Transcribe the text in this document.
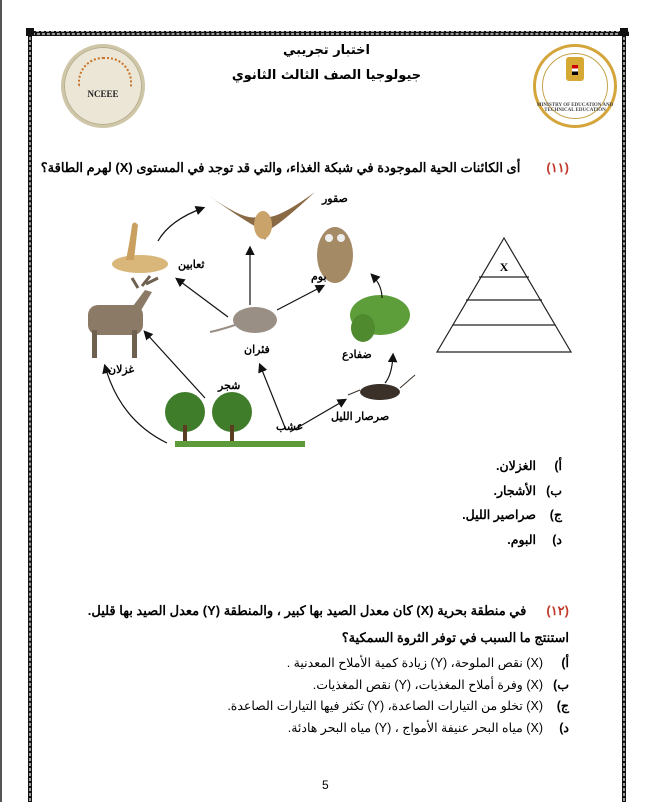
NCEEE
MINISTRY OF EDUCATION AND TECHNICAL EDUCATION
اختبار تجريبي
جيولوجيا الصف الثالث الثانوي
(١١)أى الكائنات الحية الموجودة في شبكة الغذاء، والتي قد توجد في المستوى (X) لهرم الطاقة؟
صقور
ثعابين
بوم
غزلان
فئران	ضفادع
شجر
عشب
صرصار الليل
X
أ)الغزلان.
ب)الأشجار.
ج)صراصير الليل.
د)البوم.
(١٢)في منطقة بحرية (X) كان معدل الصيد بها كبير ، والمنطقة (Y) معدل الصيد بها قليل.
استنتج ما السبب في توفر الثروة السمكية؟
أ)(X) نقص الملوحة، (Y) زيادة كمية الأملاح المعدنية .
ب)(X) وفرة أملاح المغذيات، (Y) نقص المغذيات.
ج)(X) تخلو من التيارات الصاعدة، (Y) تكثر فيها التيارات الصاعدة.
د)(X) مياه البحر عنيفة الأمواج ، (Y) مياه البحر هادئة.
5
